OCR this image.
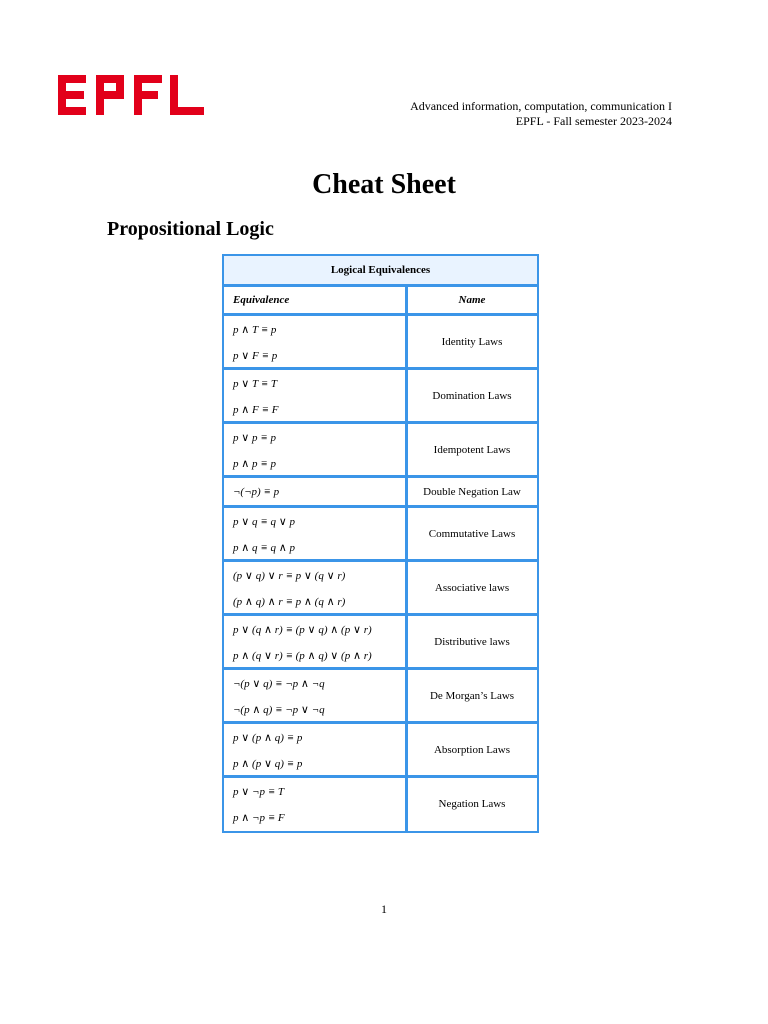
Advanced information, computation, communication I
EPFL - Fall semester 2023-2024
Cheat Sheet
Propositional Logic
Logical Equivalences
Equivalence	Name
p ∧ T ≡ p
p ∨ F ≡ p
Identity Laws
p ∨ T ≡ T
p ∧ F ≡ F
Domination Laws
p ∨ p ≡ p
p ∧ p ≡ p
Idempotent Laws
¬(¬p) ≡ p	Double Negation Law
p ∨ q ≡ q ∨ p
p ∧ q ≡ q ∧ p
Commutative Laws
(p ∨ q) ∨ r ≡ p ∨ (q ∨ r)
(p ∧ q) ∧ r ≡ p ∧ (q ∧ r)
Associative laws
p ∨ (q ∧ r) ≡ (p ∨ q) ∧ (p ∨ r)
p ∧ (q ∨ r) ≡ (p ∧ q) ∨ (p ∧ r)
Distributive laws
¬(p ∨ q) ≡ ¬p ∧ ¬q
¬(p ∧ q) ≡ ¬p ∨ ¬q
De Morgan’s Laws
p ∨ (p ∧ q) ≡ p
p ∧ (p ∨ q) ≡ p
Absorption Laws
p ∨ ¬p ≡ T
p ∧ ¬p ≡ F
Negation Laws
1
